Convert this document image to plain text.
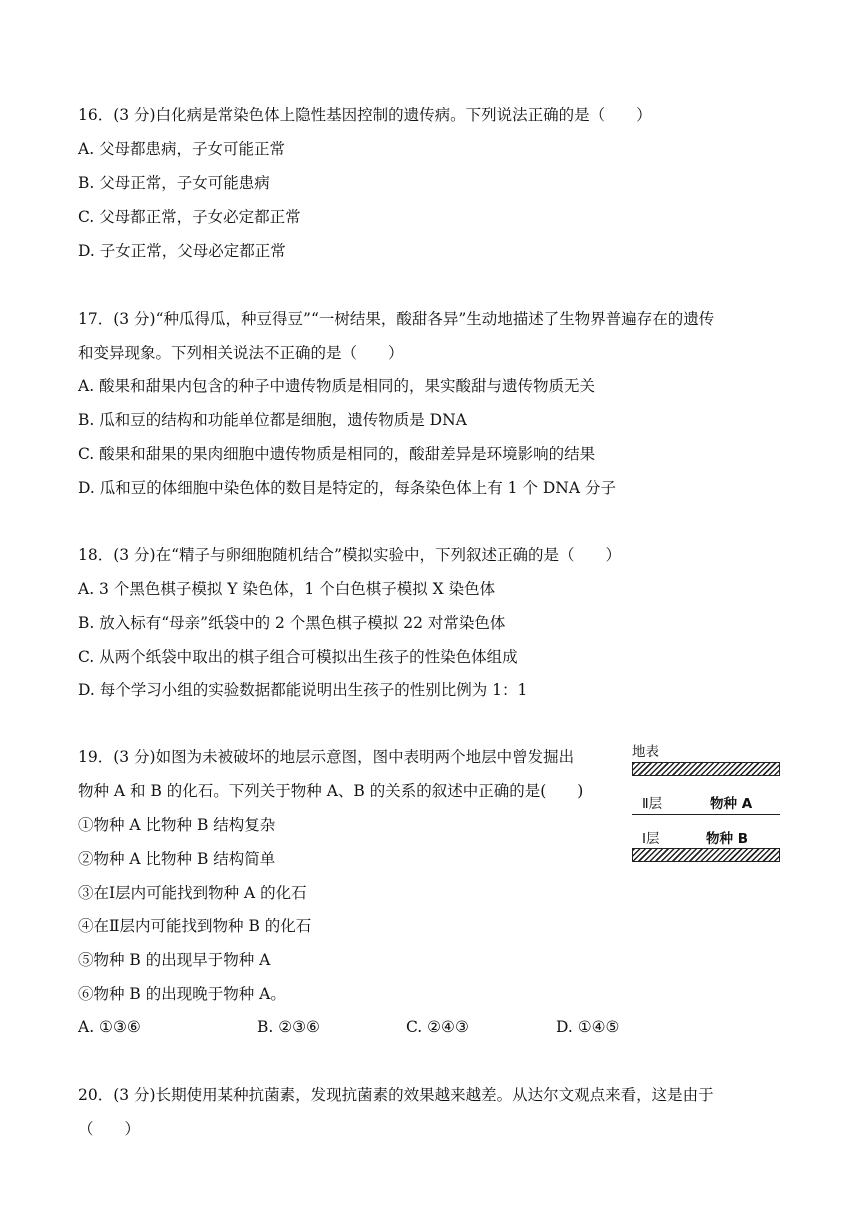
16．(3 分)白化病是常染色体上隐性基因控制的遗传病。下列说法正确的是（　　）
A. 父母都患病，子女可能正常
B. 父母正常，子女可能患病
C. 父母都正常，子女必定都正常
D. 子女正常，父母必定都正常
17．(3 分)“种瓜得瓜，种豆得豆”“一树结果，酸甜各异”生动地描述了生物界普遍存在的遗传
和变异现象。下列相关说法不正确的是（　　）
A. 酸果和甜果内包含的种子中遗传物质是相同的，果实酸甜与遗传物质无关
B. 瓜和豆的结构和功能单位都是细胞，遗传物质是 DNA
C. 酸果和甜果的果肉细胞中遗传物质是相同的，酸甜差异是环境影响的结果
D. 瓜和豆的体细胞中染色体的数目是特定的，每条染色体上有 1 个 DNA 分子
18．(3 分)在“精子与卵细胞随机结合”模拟实验中，下列叙述正确的是（　　）
A. 3 个黑色棋子模拟 Y 染色体，1 个白色棋子模拟 X 染色体
B. 放入标有“母亲”纸袋中的 2 个黑色棋子模拟 22 对常染色体
C. 从两个纸袋中取出的棋子组合可模拟出生孩子的性染色体组成
D. 每个学习小组的实验数据都能说明出生孩子的性别比例为 1：1
19．(3 分)如图为未被破坏的地层示意图，图中表明两个地层中曾发掘出
物种 A 和 B 的化石。下列关于物种 A、B 的关系的叙述中正确的是(　　)
①物种 A 比物种 B 结构复杂
②物种 A 比物种 B 结构简单
③在Ⅰ层内可能找到物种 A 的化石
④在Ⅱ层内可能找到物种 B 的化石
⑤物种 B 的出现早于物种 A
⑥物种 B 的出现晚于物种 A。
A. ①③⑥	B. ②③⑥	C. ②④③	D. ①④⑤
地表
Ⅱ层	物种 A
Ⅰ层	物种 B
20．(3 分)长期使用某种抗菌素，发现抗菌素的效果越来越差。从达尔文观点来看，这是由于
（　　）
